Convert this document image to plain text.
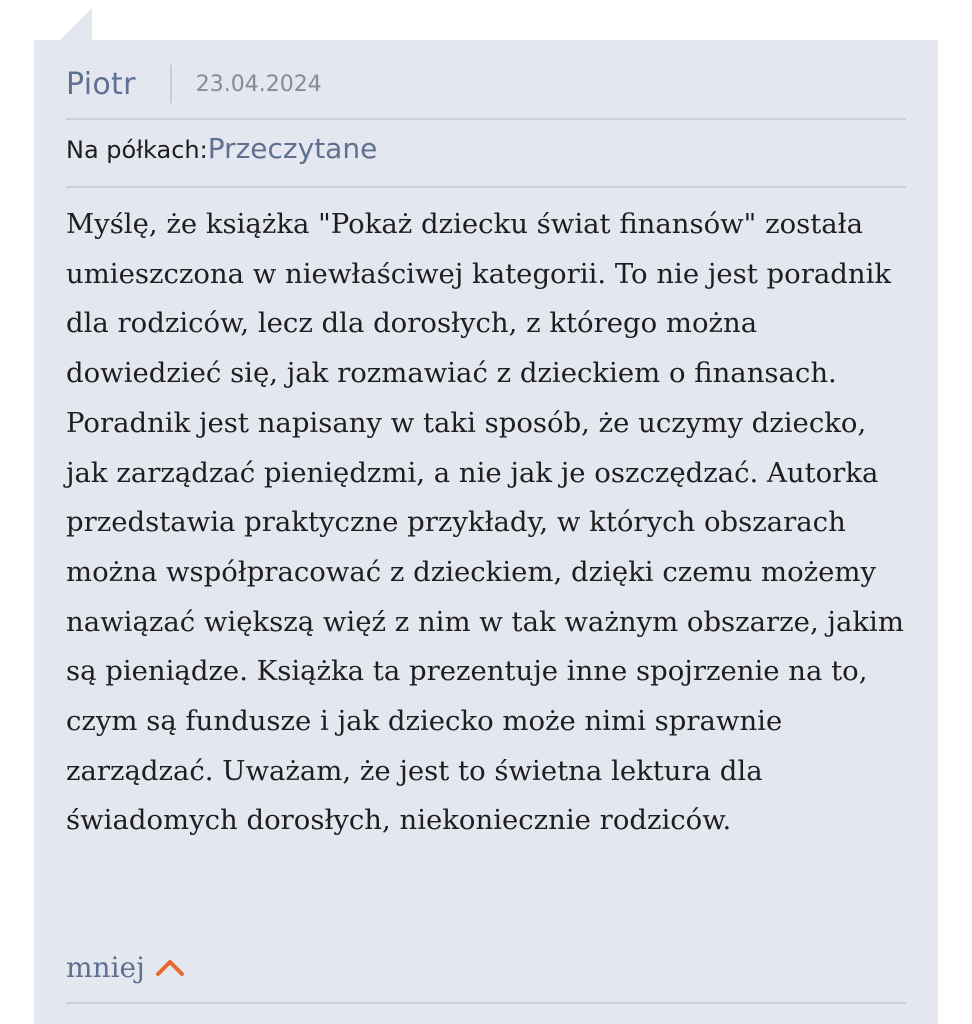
Piotr	23.04.2024
Na półkach: Przeczytane

Myślę, że książka "Pokaż dziecku świat finansów" została umieszczona w niewłaściwej kategorii. To nie jest poradnik dla rodziców, lecz dla dorosłych, z którego można dowiedzieć się, jak rozmawiać z dzieckiem o finansach. Poradnik jest napisany w taki sposób, że uczymy dziecko, jak zarządzać pieniędzmi, a nie jak je oszczędzać. Autorka przedstawia praktyczne przykłady, w których obszarach można współpracować z dzieckiem, dzięki czemu możemy nawiązać większą więź z nim w tak ważnym obszarze, jakim są pieniądze. Książka ta prezentuje inne spojrzenie na to, czym są fundusze i jak dziecko może nimi sprawnie zarządzać. Uważam, że jest to świetna lektura dla świadomych dorosłych, niekoniecznie rodziców.

mniej
